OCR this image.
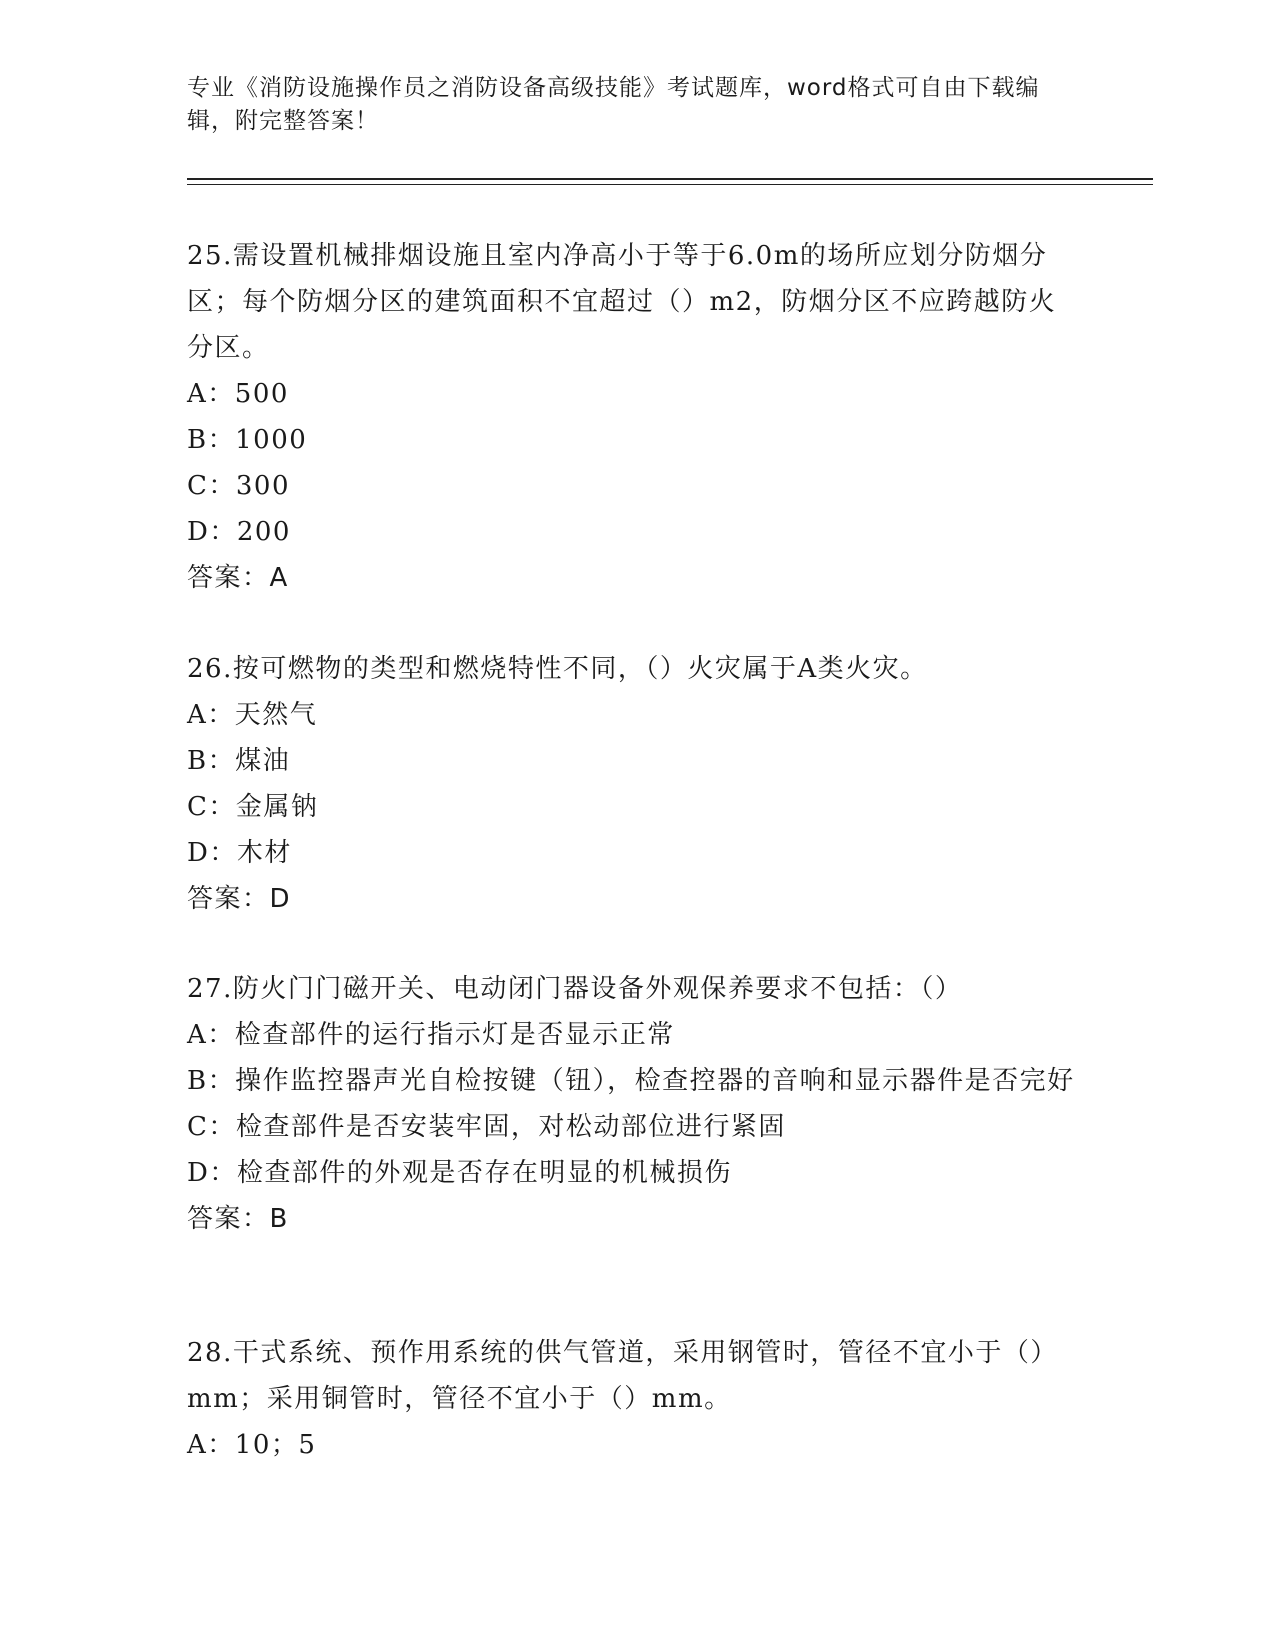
专业《消防设施操作员之消防设备高级技能》考试题库，word格式可自由下载编辑，附完整答案！

25.需设置机械排烟设施且室内净高小于等于6.0m的场所应划分防烟分区；每个防烟分区的建筑面积不宜超过（）m2，防烟分区不应跨越防火分区。

A：500

B：1000

C：300

D：200

答案：A

26.按可燃物的类型和燃烧特性不同，（）火灾属于A类火灾。

A：天然气

B：煤油

C：金属钠

D：木材

答案：D

27.防火门门磁开关、电动闭门器设备外观保养要求不包括：（）

A：检查部件的运行指示灯是否显示正常

B：操作监控器声光自检按键（钮），检查控器的音响和显示器件是否完好

C：检查部件是否安装牢固，对松动部位进行紧固

D：检查部件的外观是否存在明显的机械损伤

答案：B

28.干式系统、预作用系统的供气管道，采用钢管时，管径不宜小于（）mm；采用铜管时，管径不宜小于（）mm。

A：10；5
